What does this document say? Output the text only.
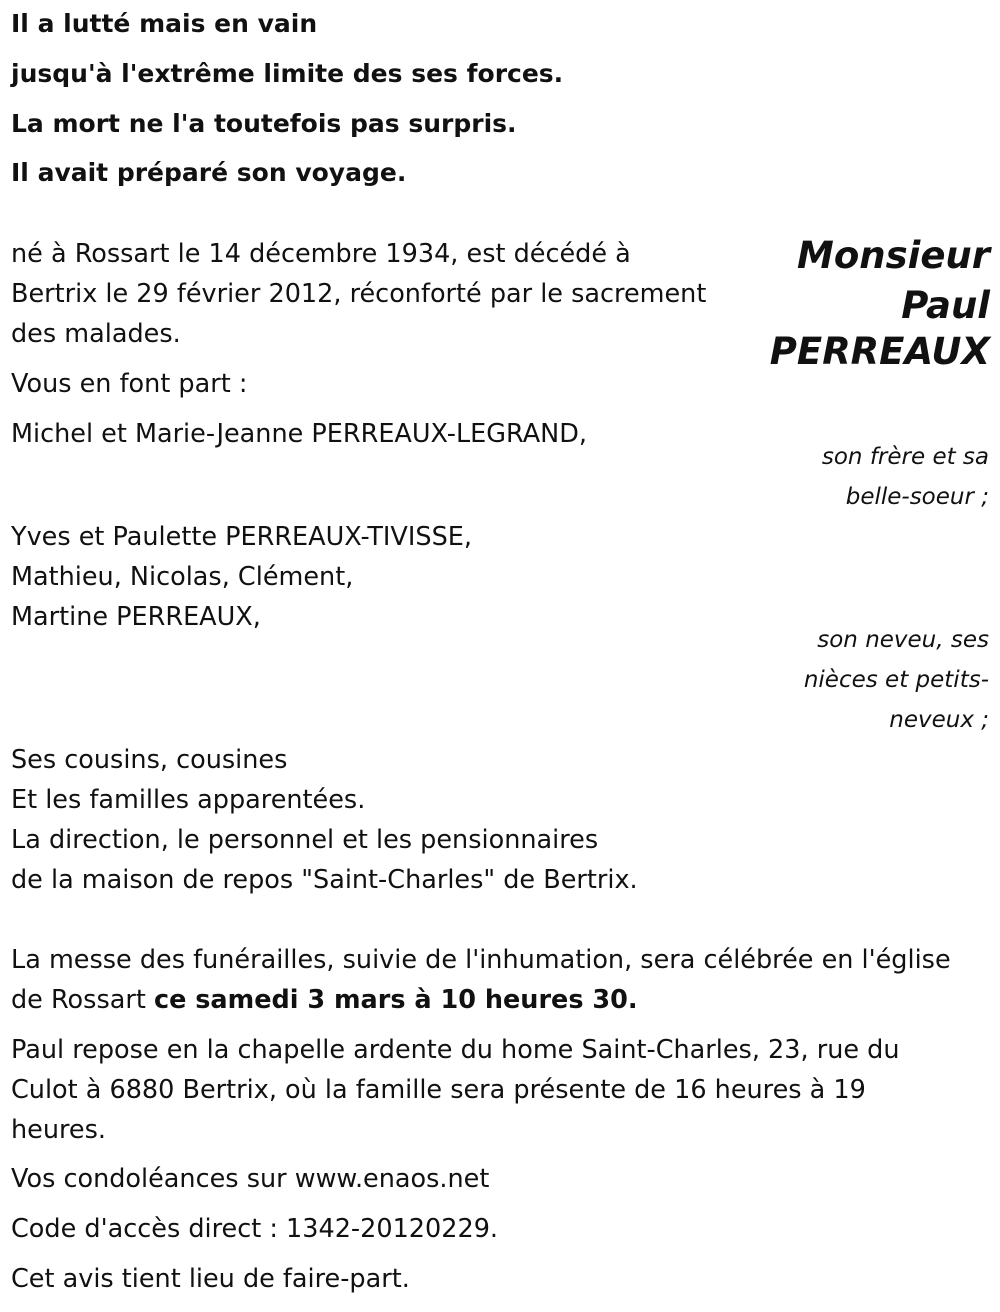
Il a lutté mais en vain
jusqu'à l'extrême limite des ses forces.
La mort ne l'a toutefois pas surpris.
Il avait préparé son voyage.
Monsieur
Paul
PERREAUX
né à Rossart le 14 décembre 1934, est décédé à
Bertrix le 29 février 2012, réconforté par le sacrement
des malades.
Vous en font part :
Michel et Marie-Jeanne PERREAUX-LEGRAND,
son frère et sa
belle-soeur ;
Yves et Paulette PERREAUX-TIVISSE,
Mathieu, Nicolas, Clément,
Martine PERREAUX,
son neveu, ses
nièces et petits-
neveux ;
Ses cousins, cousines
Et les familles apparentées.
La direction, le personnel et les pensionnaires
de la maison de repos "Saint-Charles" de Bertrix.
La messe des funérailles, suivie de l'inhumation, sera célébrée en l'église
de Rossart ce samedi 3 mars à 10 heures 30.
Paul repose en la chapelle ardente du home Saint-Charles, 23, rue du
Culot à 6880 Bertrix, où la famille sera présente de 16 heures à 19
heures.
Vos condoléances sur www.enaos.net
Code d'accès direct : 1342-20120229.
Cet avis tient lieu de faire-part.
